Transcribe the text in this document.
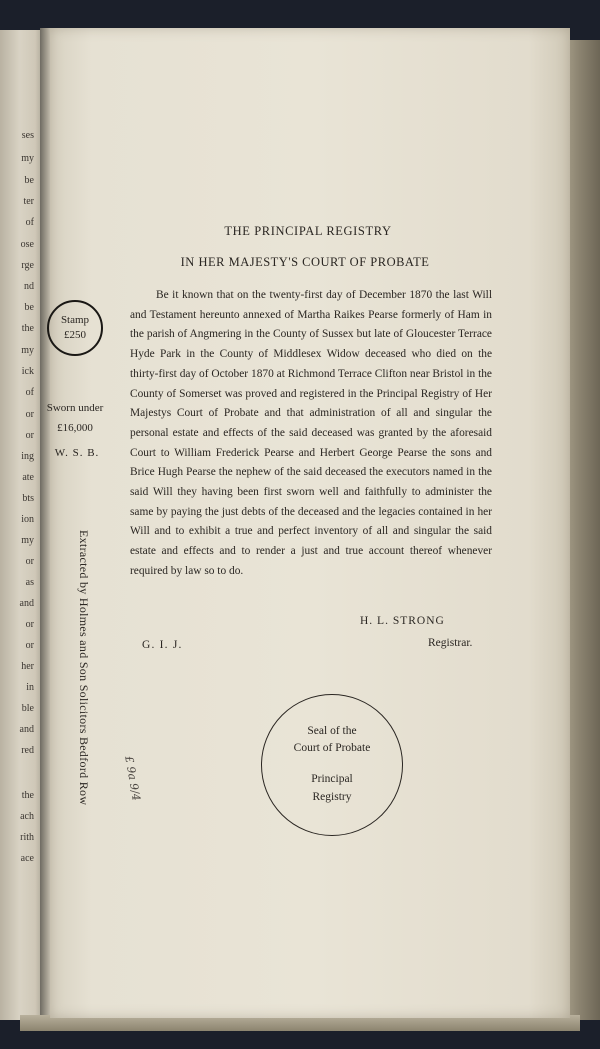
ses
my
be
ter
of
ose
rge
nd
be
the
my
ick
of
or
or
ing
ate
bts
ion
my
or
as
and
or
or
her
in
ble
and
red
the
ach
rith
ace
THE PRINCIPAL REGISTRY
IN HER MAJESTY'S COURT OF PROBATE
Be it known that on the twenty-first day of December 1870 the last Will and Testament hereunto annexed of Martha Raikes Pearse formerly of Ham in the parish of Angmering in the County of Sussex but late of Gloucester Terrace Hyde Park in the County of Middlesex Widow deceased who died on the thirty-first day of October 1870 at Richmond Terrace Clifton near Bristol in the County of Somerset was proved and registered in the Principal Registry of Her Majestys Court of Probate and that administration of all and singular the personal estate and effects of the said deceased was granted by the aforesaid Court to William Frederick Pearse and Herbert George Pearse the sons and Brice Hugh Pearse the nephew of the said deceased the executors named in the said Will they having been first sworn well and faithfully to administer the same by paying the just debts of the deceased and the legacies contained in her Will and to exhibit a true and perfect inventory of all and singular the said estate and effects and to render a just and true account thereof whenever required by law so to do.
Stamp
£250
Sworn under
£16,000
W. S. B.
Extracted by Holmes and Son Solicitors Bedford Row	H. L. STRONG
Registrar.
G. I. J.
Seal of the
Court of Probate
Principal
Registry
£ 9a 9/4
